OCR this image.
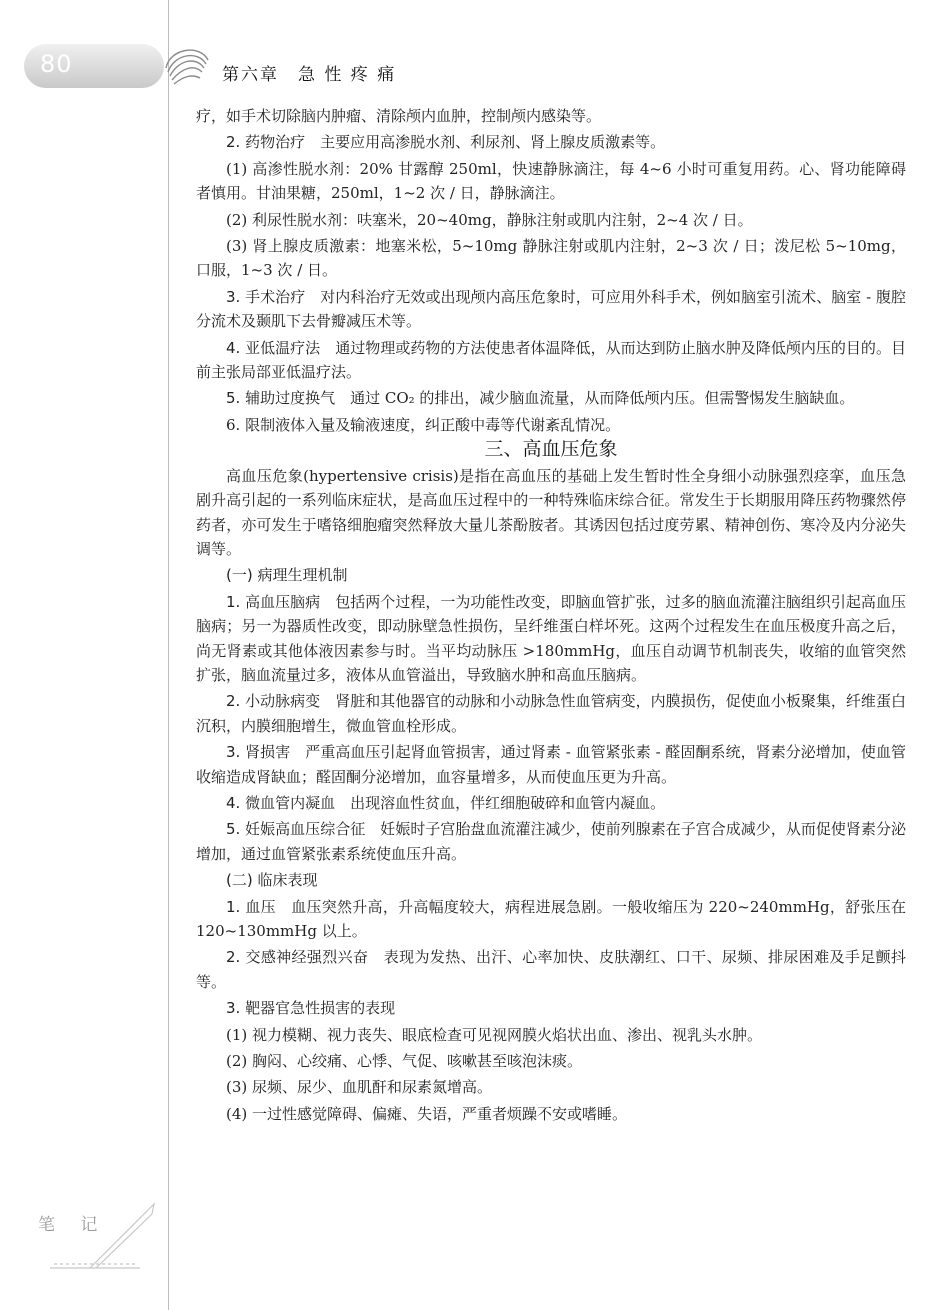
80	第六章　急 性 疼 痛

疗，如手术切除脑内肿瘤、清除颅内血肿，控制颅内感染等。

2. 药物治疗　 主要应用高渗脱水剂、利尿剂、肾上腺皮质激素等。

(1) 高渗性脱水剂：20% 甘露醇 250ml，快速静脉滴注，每 4~6 小时可重复用药。心、肾功能障碍者慎用。甘油果糖，250ml，1~2 次 / 日，静脉滴注。

(2) 利尿性脱水剂：呋塞米，20~40mg，静脉注射或肌内注射，2~4 次 / 日。

(3) 肾上腺皮质激素：地塞米松，5~10mg 静脉注射或肌内注射，2~3 次 / 日；泼尼松 5~10mg，口服，1~3 次 / 日。

3. 手术治疗　 对内科治疗无效或出现颅内高压危象时，可应用外科手术，例如脑室引流术、脑室 - 腹腔分流术及颞肌下去骨瓣减压术等。

4. 亚低温疗法　 通过物理或药物的方法使患者体温降低，从而达到防止脑水肿及降低颅内压的目的。目前主张局部亚低温疗法。

5. 辅助过度换气　 通过 CO₂ 的排出，减少脑血流量，从而降低颅内压。但需警惕发生脑缺血。

6. 限制液体入量及输液速度，纠正酸中毒等代谢紊乱情况。

三、高血压危象

高血压危象(hypertensive crisis)是指在高血压的基础上发生暂时性全身细小动脉强烈痉挛，血压急剧升高引起的一系列临床症状，是高血压过程中的一种特殊临床综合征。常发生于长期服用降压药物骤然停药者，亦可发生于嗜铬细胞瘤突然释放大量儿茶酚胺者。其诱因包括过度劳累、精神创伤、寒冷及内分泌失调等。

(一) 病理生理机制

1. 高血压脑病　 包括两个过程，一为功能性改变，即脑血管扩张，过多的脑血流灌注脑组织引起高血压脑病；另一为器质性改变，即动脉壁急性损伤，呈纤维蛋白样坏死。这两个过程发生在血压极度升高之后，尚无肾素或其他体液因素参与时。当平均动脉压 >180mmHg，血压自动调节机制丧失，收缩的血管突然扩张，脑血流量过多，液体从血管溢出，导致脑水肿和高血压脑病。

2. 小动脉病变　 肾脏和其他器官的动脉和小动脉急性血管病变，内膜损伤，促使血小板聚集，纤维蛋白沉积，内膜细胞增生，微血管血栓形成。

3. 肾损害　 严重高血压引起肾血管损害，通过肾素 - 血管紧张素 - 醛固酮系统，肾素分泌增加，使血管收缩造成肾缺血；醛固酮分泌增加，血容量增多，从而使血压更为升高。

4. 微血管内凝血　 出现溶血性贫血，伴红细胞破碎和血管内凝血。

5. 妊娠高血压综合征　 妊娠时子宫胎盘血流灌注减少，使前列腺素在子宫合成减少，从而促使肾素分泌增加，通过血管紧张素系统使血压升高。

(二) 临床表现

1. 血压　 血压突然升高，升高幅度较大，病程进展急剧。一般收缩压为 220~240mmHg，舒张压在 120~130mmHg 以上。

2. 交感神经强烈兴奋　 表现为发热、出汗、心率加快、皮肤潮红、口干、尿频、排尿困难及手足颤抖等。

3. 靶器官急性损害的表现　

(1) 视力模糊、视力丧失、眼底检查可见视网膜火焰状出血、渗出、视乳头水肿。

(2) 胸闷、心绞痛、心悸、气促、咳嗽甚至咳泡沫痰。

(3) 尿频、尿少、血肌酐和尿素氮增高。

(4) 一过性感觉障碍、偏瘫、失语，严重者烦躁不安或嗜睡。

笔 记
